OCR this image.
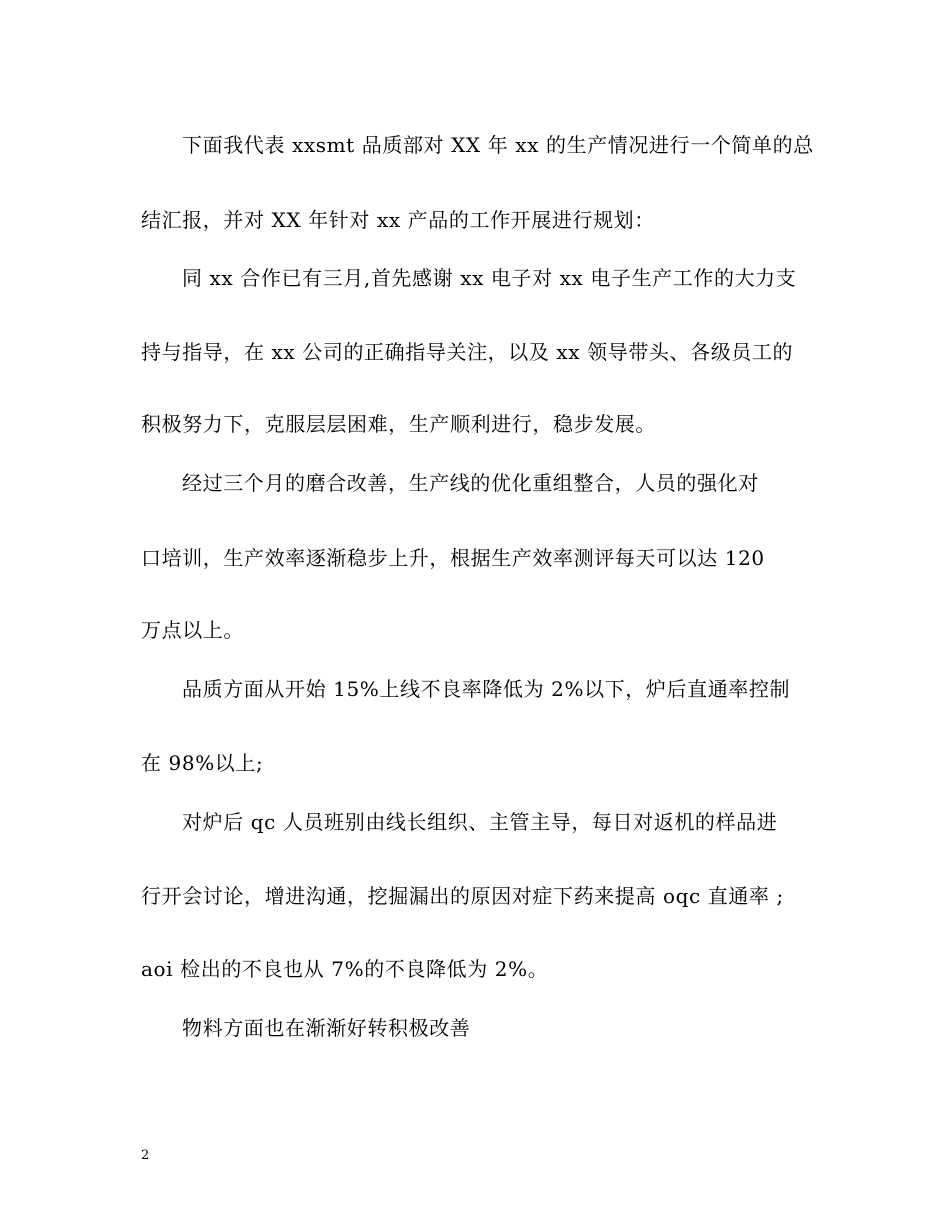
下面我代表 xxsmt 品质部对 XX 年 xx 的生产情况进行一个简单的总
结汇报，并对 XX 年针对 xx 产品的工作开展进行规划：
同 xx 合作已有三月,首先感谢 xx 电子对 xx 电子生产工作的大力支
持与指导，在 xx 公司的正确指导关注，以及 xx 领导带头、各级员工的
积极努力下，克服层层困难，生产顺利进行，稳步发展。
经过三个月的磨合改善，生产线的优化重组整合，人员的强化对
口培训，生产效率逐渐稳步上升，根据生产效率测评每天可以达 120
万点以上。
品质方面从开始 15%上线不良率降低为 2%以下，炉后直通率控制
在 98%以上;
对炉后 qc 人员班别由线长组织、主管主导，每日对返机的样品进
行开会讨论，增进沟通，挖掘漏出的原因对症下药来提高 oqc 直通率 ;
aoi 检出的不良也从 7%的不良降低为 2%。
物料方面也在渐渐好转积极改善
2
